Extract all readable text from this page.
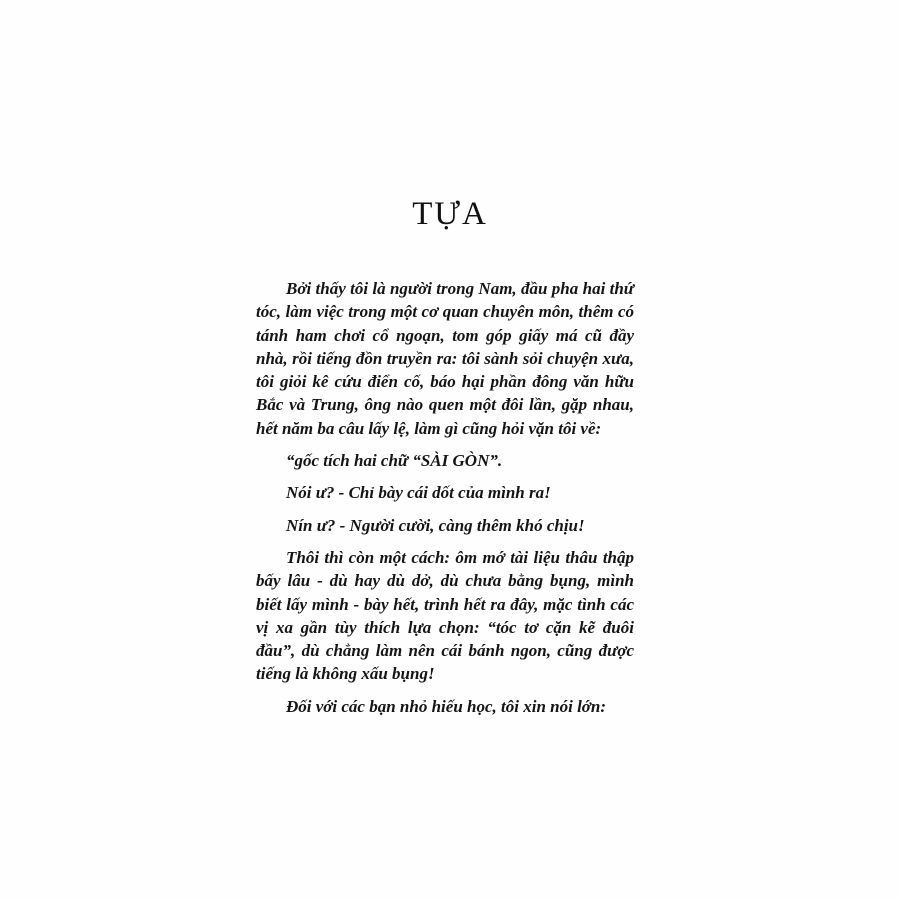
TỰA

Bởi thấy tôi là người trong Nam, đầu pha hai thứ tóc, làm việc trong một cơ quan chuyên môn, thêm có tánh ham chơi cổ ngoạn, tom góp giấy má cũ đầy nhà, rồi tiếng đồn truyền ra: tôi sành sỏi chuyện xưa, tôi giỏi kê cứu điển cố, báo hại phần đông văn hữu Bắc và Trung, ông nào quen một đôi lần, gặp nhau, hết năm ba câu lấy lệ, làm gì cũng hỏi vặn tôi về:

“gốc tích hai chữ “SÀI GÒN”.

Nói ư? - Chỉ bày cái dốt của mình ra!

Nín ư? - Người cười, càng thêm khó chịu!

Thôi thì còn một cách: ôm mớ tài liệu thâu thập bấy lâu - dù hay dù dở, dù chưa bằng bụng, mình biết lấy mình - bày hết, trình hết ra đây, mặc tình các vị xa gần tùy thích lựa chọn: “tóc tơ cặn kẽ đuôi đầu”, dù chẳng làm nên cái bánh ngon, cũng được tiếng là không xấu bụng!

Đối với các bạn nhỏ hiếu học, tôi xin nói lớn:
